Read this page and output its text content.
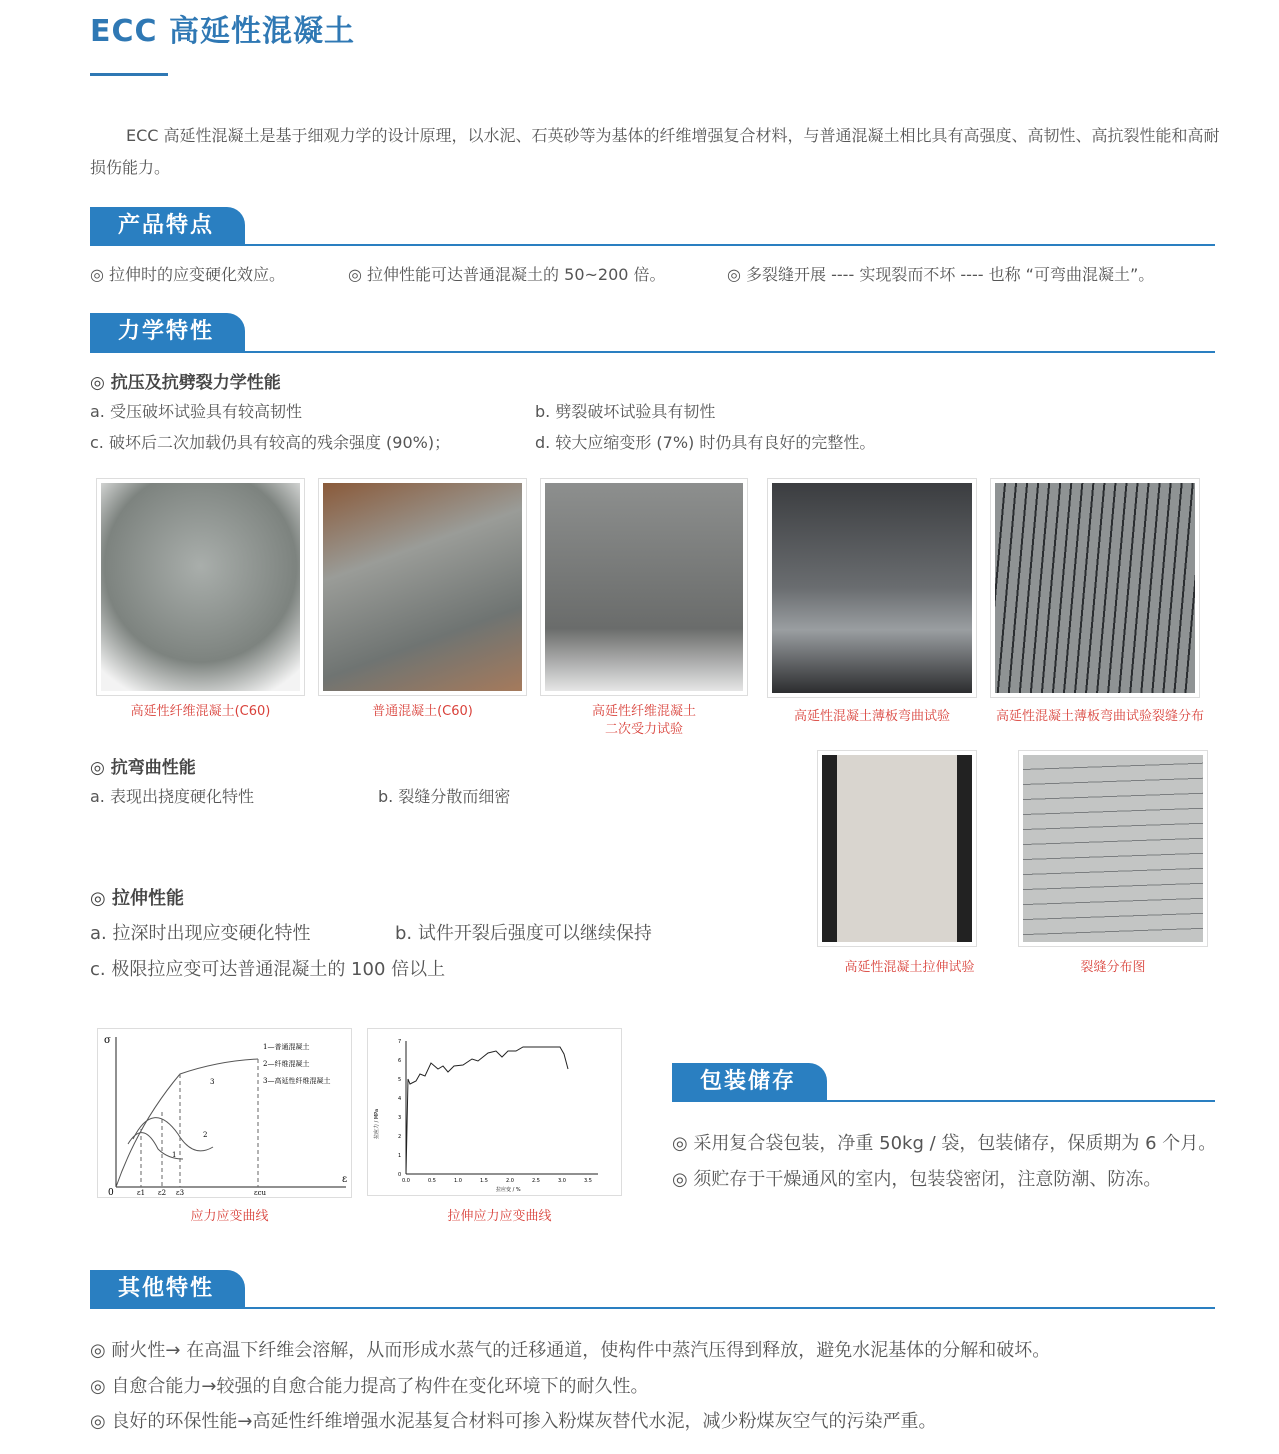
ECC 高延性混凝土
ECC 高延性混凝土是基于细观力学的设计原理，以水泥、石英砂等为基体的纤维增强复合材料，与普通混凝土相比具有高强度、高韧性、高抗裂性能和高耐损伤能力。
产品特点
◎ 拉伸时的应变硬化效应。	◎ 拉伸性能可达普通混凝土的 50~200 倍。	◎ 多裂缝开展 ---- 实现裂而不坏 ---- 也称 “可弯曲混凝土”。
力学特性
◎ 抗压及抗劈裂力学性能
a. 受压破坏试验具有较高韧性	b. 劈裂破坏试验具有韧性
c. 破坏后二次加载仍具有较高的残余强度 (90%)；	d. 较大应缩变形 (7%) 时仍具有良好的完整性。
高延性纤维混凝土(C60)	普通混凝土(C60)	高延性纤维混凝土
二次受力试验
高延性混凝土薄板弯曲试验	高延性混凝土薄板弯曲试验裂缝分布
◎ 抗弯曲性能
a. 表现出挠度硬化特性	b. 裂缝分散而细密
高延性混凝土拉伸试验	裂缝分布图
◎ 拉伸性能
a. 拉深时出现应变硬化特性	b. 试件开裂后强度可以继续保持
c. 极限拉应变可达普通混凝土的 100 倍以上
σ
ε
0	ε1 ε2 ε3	εcu
1
2
3
1—普通混凝土
2—纤维混凝土
3—高延性纤维混凝土
应力应变曲线
0
1
2
3
4
5
6
7
0.0	0.5	1.0	1.5	2.0	2.5	3.0	3.5
拉应力 / MPa
拉应变 / %
拉伸应力应变曲线
包装储存
◎ 采用复合袋包装，净重 50kg / 袋，包装储存，保质期为 6 个月。
◎ 须贮存于干燥通风的室内，包装袋密闭，注意防潮、防冻。
其他特性
◎ 耐火性→ 在高温下纤维会溶解，从而形成水蒸气的迁移通道，使构件中蒸汽压得到释放，避免水泥基体的分解和破坏。
◎ 自愈合能力→较强的自愈合能力提高了构件在变化环境下的耐久性。
◎ 良好的环保性能→高延性纤维增强水泥基复合材料可掺入粉煤灰替代水泥，减少粉煤灰空气的污染严重。
